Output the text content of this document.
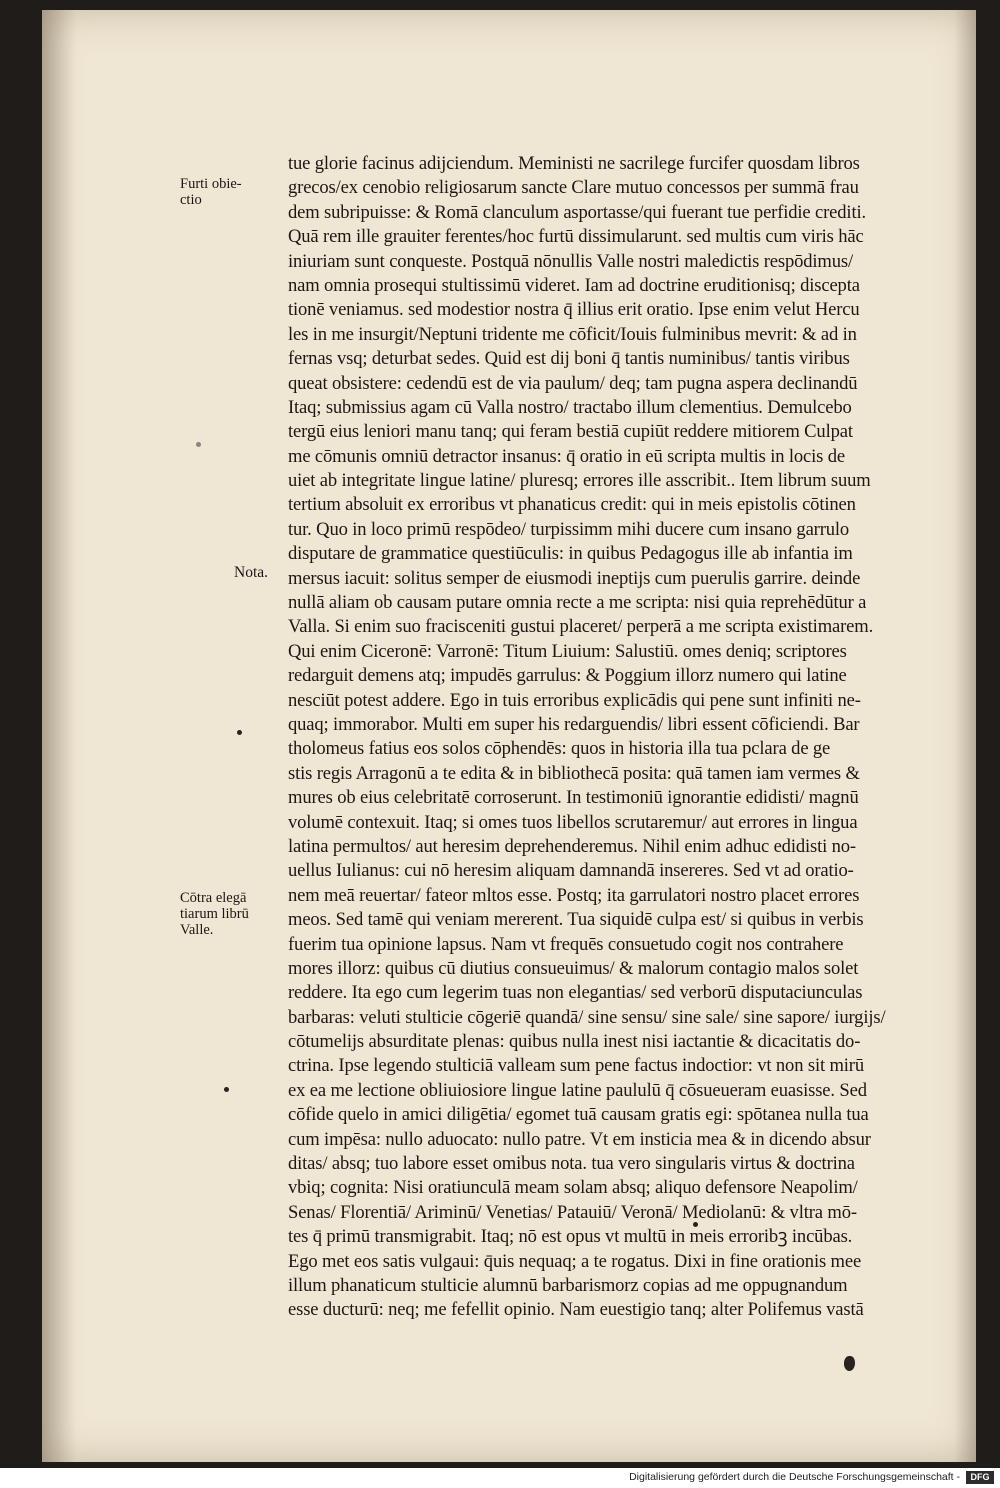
Furti obie-
ctio
Nota.
Cōtra elegā
tiarum librū
Valle.
tue glorie facinus adijciendum. Meministi ne sacrilege furcifer quosdam libros
grecos/ex cenobio religiosarum sancte Clare mutuo concessos per summā frau
dem subripuisse: & Romā clanculum asportasse/qui fuerant tue perfidie crediti.
Quā rem ille grauiter ferentes/hoc furtū dissimularunt. sed multis cum viris hāc
iniuriam sunt conqueste. Postquā nōnullis Valle nostri maledictis respōdimus/
nam omnia prosequi stultissimū videret. Iam ad doctrine eruditionisq; discepta
tionē veniamus. sed modestior nostra q̄ illius erit oratio. Ipse enim velut Hercu
les in me insurgit/Neptuni tridente me cōficit/Iouis fulminibus mevrit: & ad in
fernas vsq; deturbat sedes. Quid est dij boni q̄ tantis numinibus/ tantis viribus
queat obsistere: cedendū est de via paulum/ deq; tam pugna aspera declinandū
Itaq; submissius agam cū Valla nostro/ tractabo illum clementius. Demulcebo
tergū eius leniori manu tanq; qui feram bestiā cupiūt reddere mitiorem Culpat
me cōmunis omniū detractor insanus: q̄ oratio in eū scripta multis in locis de
uiet ab integritate lingue latine/ pluresq; errores ille asscribit.. Item librum suum
tertium absoluit ex erroribus vt phanaticus credit: qui in meis epistolis cōtinen
tur. Quo in loco primū respōdeo/ turpissimm mihi ducere cum insano garrulo
disputare de grammatice questiūculis: in quibus Pedagogus ille ab infantia im
mersus iacuit: solitus semper de eiusmodi ineptijs cum puerulis garrire. deinde
nullā aliam ob causam putare omnia recte a me scripta: nisi quia reprehēdūtur a
Valla. Si enim suo fracisceniti gustui placeret/ perperā a me scripta existimarem.
Qui enim Ciceronē: Varronē: Titum Liuium: Salustiū. omes deniq; scriptores
redarguit demens atq; impudēs garrulus: & Poggium illorz numero qui latine
nesciūt potest addere. Ego in tuis erroribus explicādis qui pene sunt infiniti ne-
quaq; immorabor. Multi em super his redarguendis/ libri essent cōficiendi. Bar
tholomeus fatius eos solos cōphendēs: quos in historia illa tua pclara de ge
stis regis Arragonū a te edita & in bibliothecā posita: quā tamen iam vermes &
mures ob eius celebritatē corroserunt. In testimoniū ignorantie edidisti/ magnū
volumē contexuit. Itaq; si omes tuos libellos scrutaremur/ aut errores in lingua
latina permultos/ aut heresim deprehenderemus. Nihil enim adhuc edidisti no-
uellus Iulianus: cui nō heresim aliquam damnandā insereres. Sed vt ad oratio-
nem meā reuertar/ fateor mltos esse. Postq; ita garrulatori nostro placet errores
meos. Sed tamē qui veniam mererent. Tua siquidē culpa est/ si quibus in verbis
fuerim tua opinione lapsus. Nam vt frequēs consuetudo cogit nos contrahere
mores illorz: quibus cū diutius consueuimus/ & malorum contagio malos solet
reddere. Ita ego cum legerim tuas non elegantias/ sed verborū disputaciunculas
barbaras: veluti stulticie cōgeriē quandā/ sine sensu/ sine sale/ sine sapore/ iurgijs/
cōtumelijs absurditate plenas: quibus nulla inest nisi iactantie & dicacitatis do-
ctrina. Ipse legendo stulticiā valleam sum pene factus indoctior: vt non sit mirū
ex ea me lectione obliuiosiore lingue latine paululū q̄ cōsueueram euasisse. Sed
cōfide quelo in amici diligētia/ egomet tuā causam gratis egi: spōtanea nulla tua
cum impēsa: nullo aduocato: nullo patre. Vt em insticia mea & in dicendo absur
ditas/ absq; tuo labore esset omibus nota. tua vero singularis virtus & doctrina
vbiq; cognita: Nisi oratiunculā meam solam absq; aliquo defensore Neapolim/
Senas/ Florentiā/ Ariminū/ Venetias/ Patauiū/ Veronā/ Mediolanū: & vltra mō-
tes q̄ primū transmigrabit. Itaq; nō est opus vt multū in meis erroribꝫ incūbas.
Ego met eos satis vulgaui: q̄uis nequaq; a te rogatus. Dixi in fine orationis mee
illum phanaticum stulticie alumnū barbarismorz copias ad me oppugnandum
esse ducturū: neq; me fefellit opinio. Nam euestigio tanq; alter Polifemus vastā
Digitalisierung gefördert durch die Deutsche Forschungsgemeinschaft -	DFG
